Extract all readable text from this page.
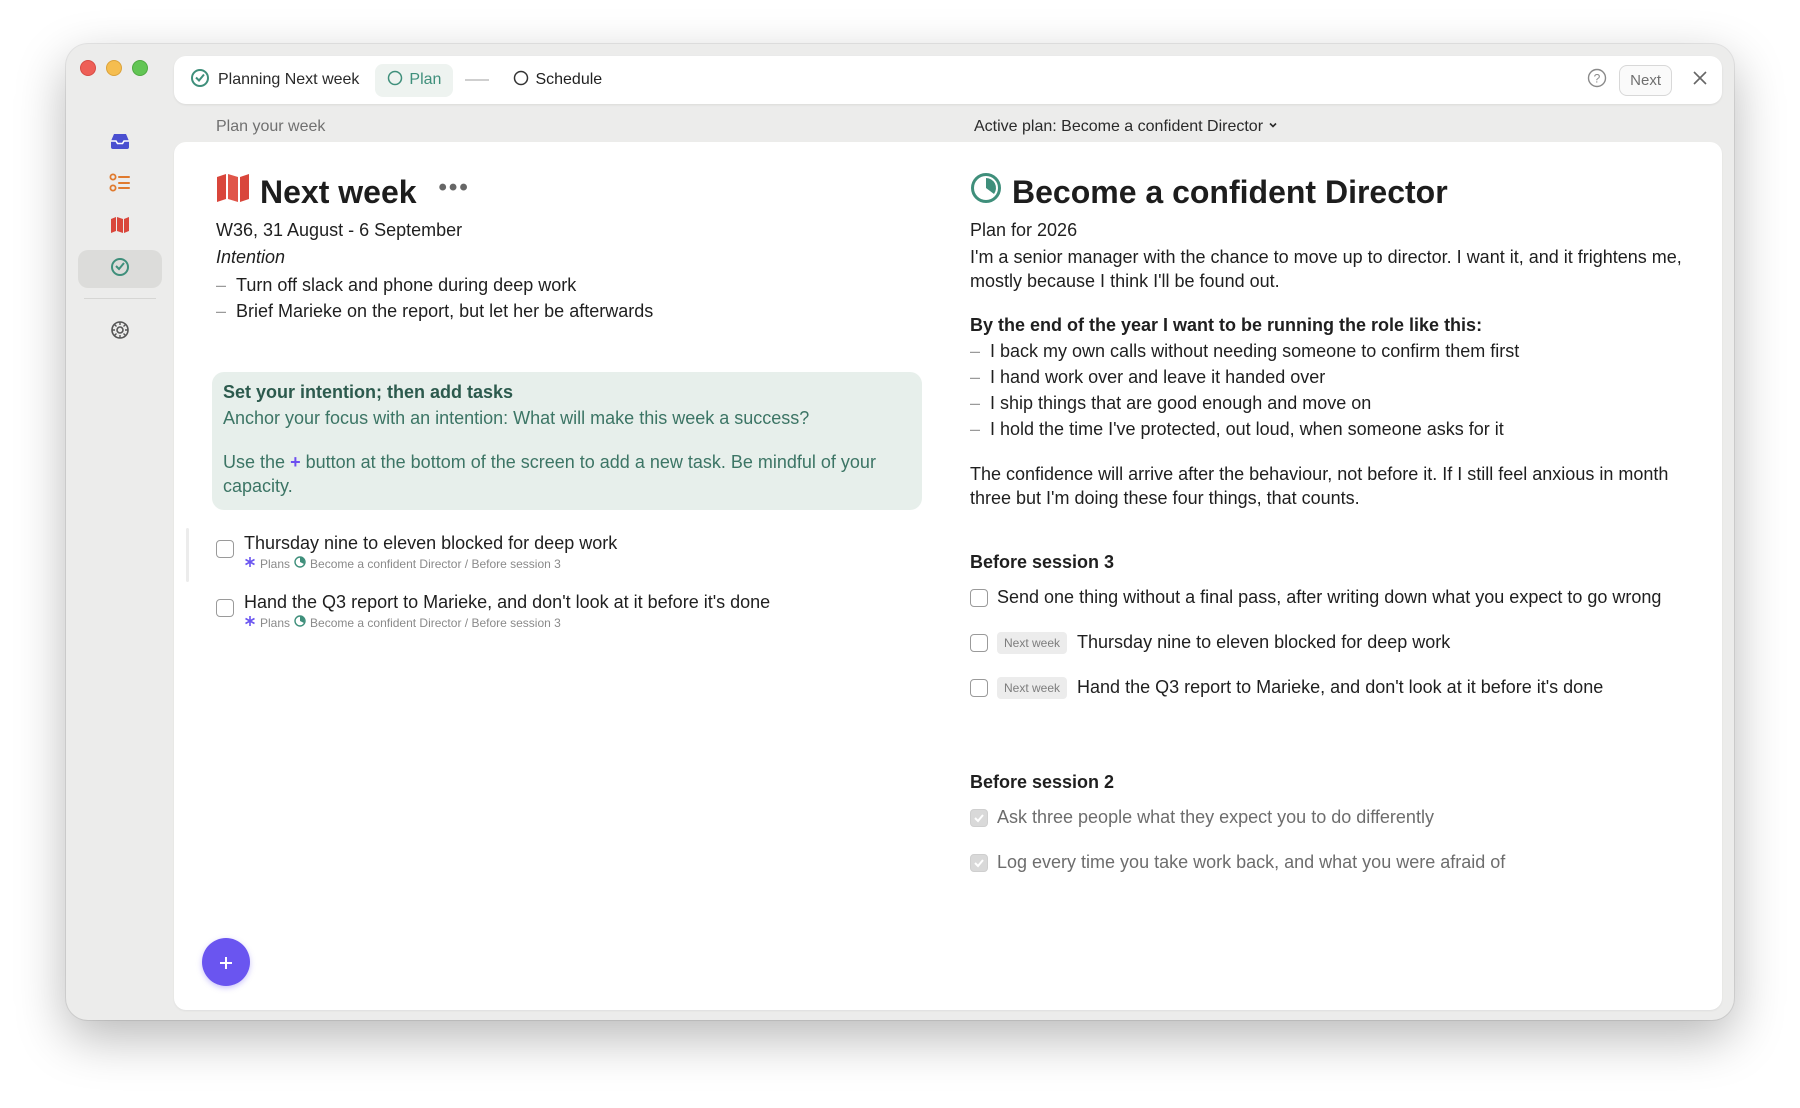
Planning Next week	Plan	Schedule	?	Next
Plan your week	Active plan: Become a confident Director
Next week •••
W36, 31 August - 6 September
Intention
– Turn off slack and phone during deep work
– Brief Marieke on the report, but let her be afterwards
Set your intention; then add tasks

Anchor your focus with an intention: What will make this week a success?

Use the + button at the bottom of the screen to add a new task. Be mindful of your capacity.

Thursday nine to eleven blocked for deep work
Plans Become a confident Director / Before session 3
Hand the Q3 report to Marieke, and don't look at it before it's done
Plans Become a confident Director / Before session 3
Become a confident Director
Plan for 2026
I'm a senior manager with the chance to move up to director. I want it, and it frightens me, mostly because I think I'll be found out.
By the end of the year I want to be running the role like this:
– I back my own calls without needing someone to confirm them first
– I hand work over and leave it handed over
– I ship things that are good enough and move on
– I hold the time I've protected, out loud, when someone asks for it
The confidence will arrive after the behaviour, not before it. If I still feel anxious in month three but I'm doing these four things, that counts.
Before session 3
Send one thing without a final pass, after writing down what you expect to go wrong
Next week Thursday nine to eleven blocked for deep work
Next week Hand the Q3 report to Marieke, and don't look at it before it's done
Before session 2
Ask three people what they expect you to do differently
Log every time you take work back, and what you were afraid of
